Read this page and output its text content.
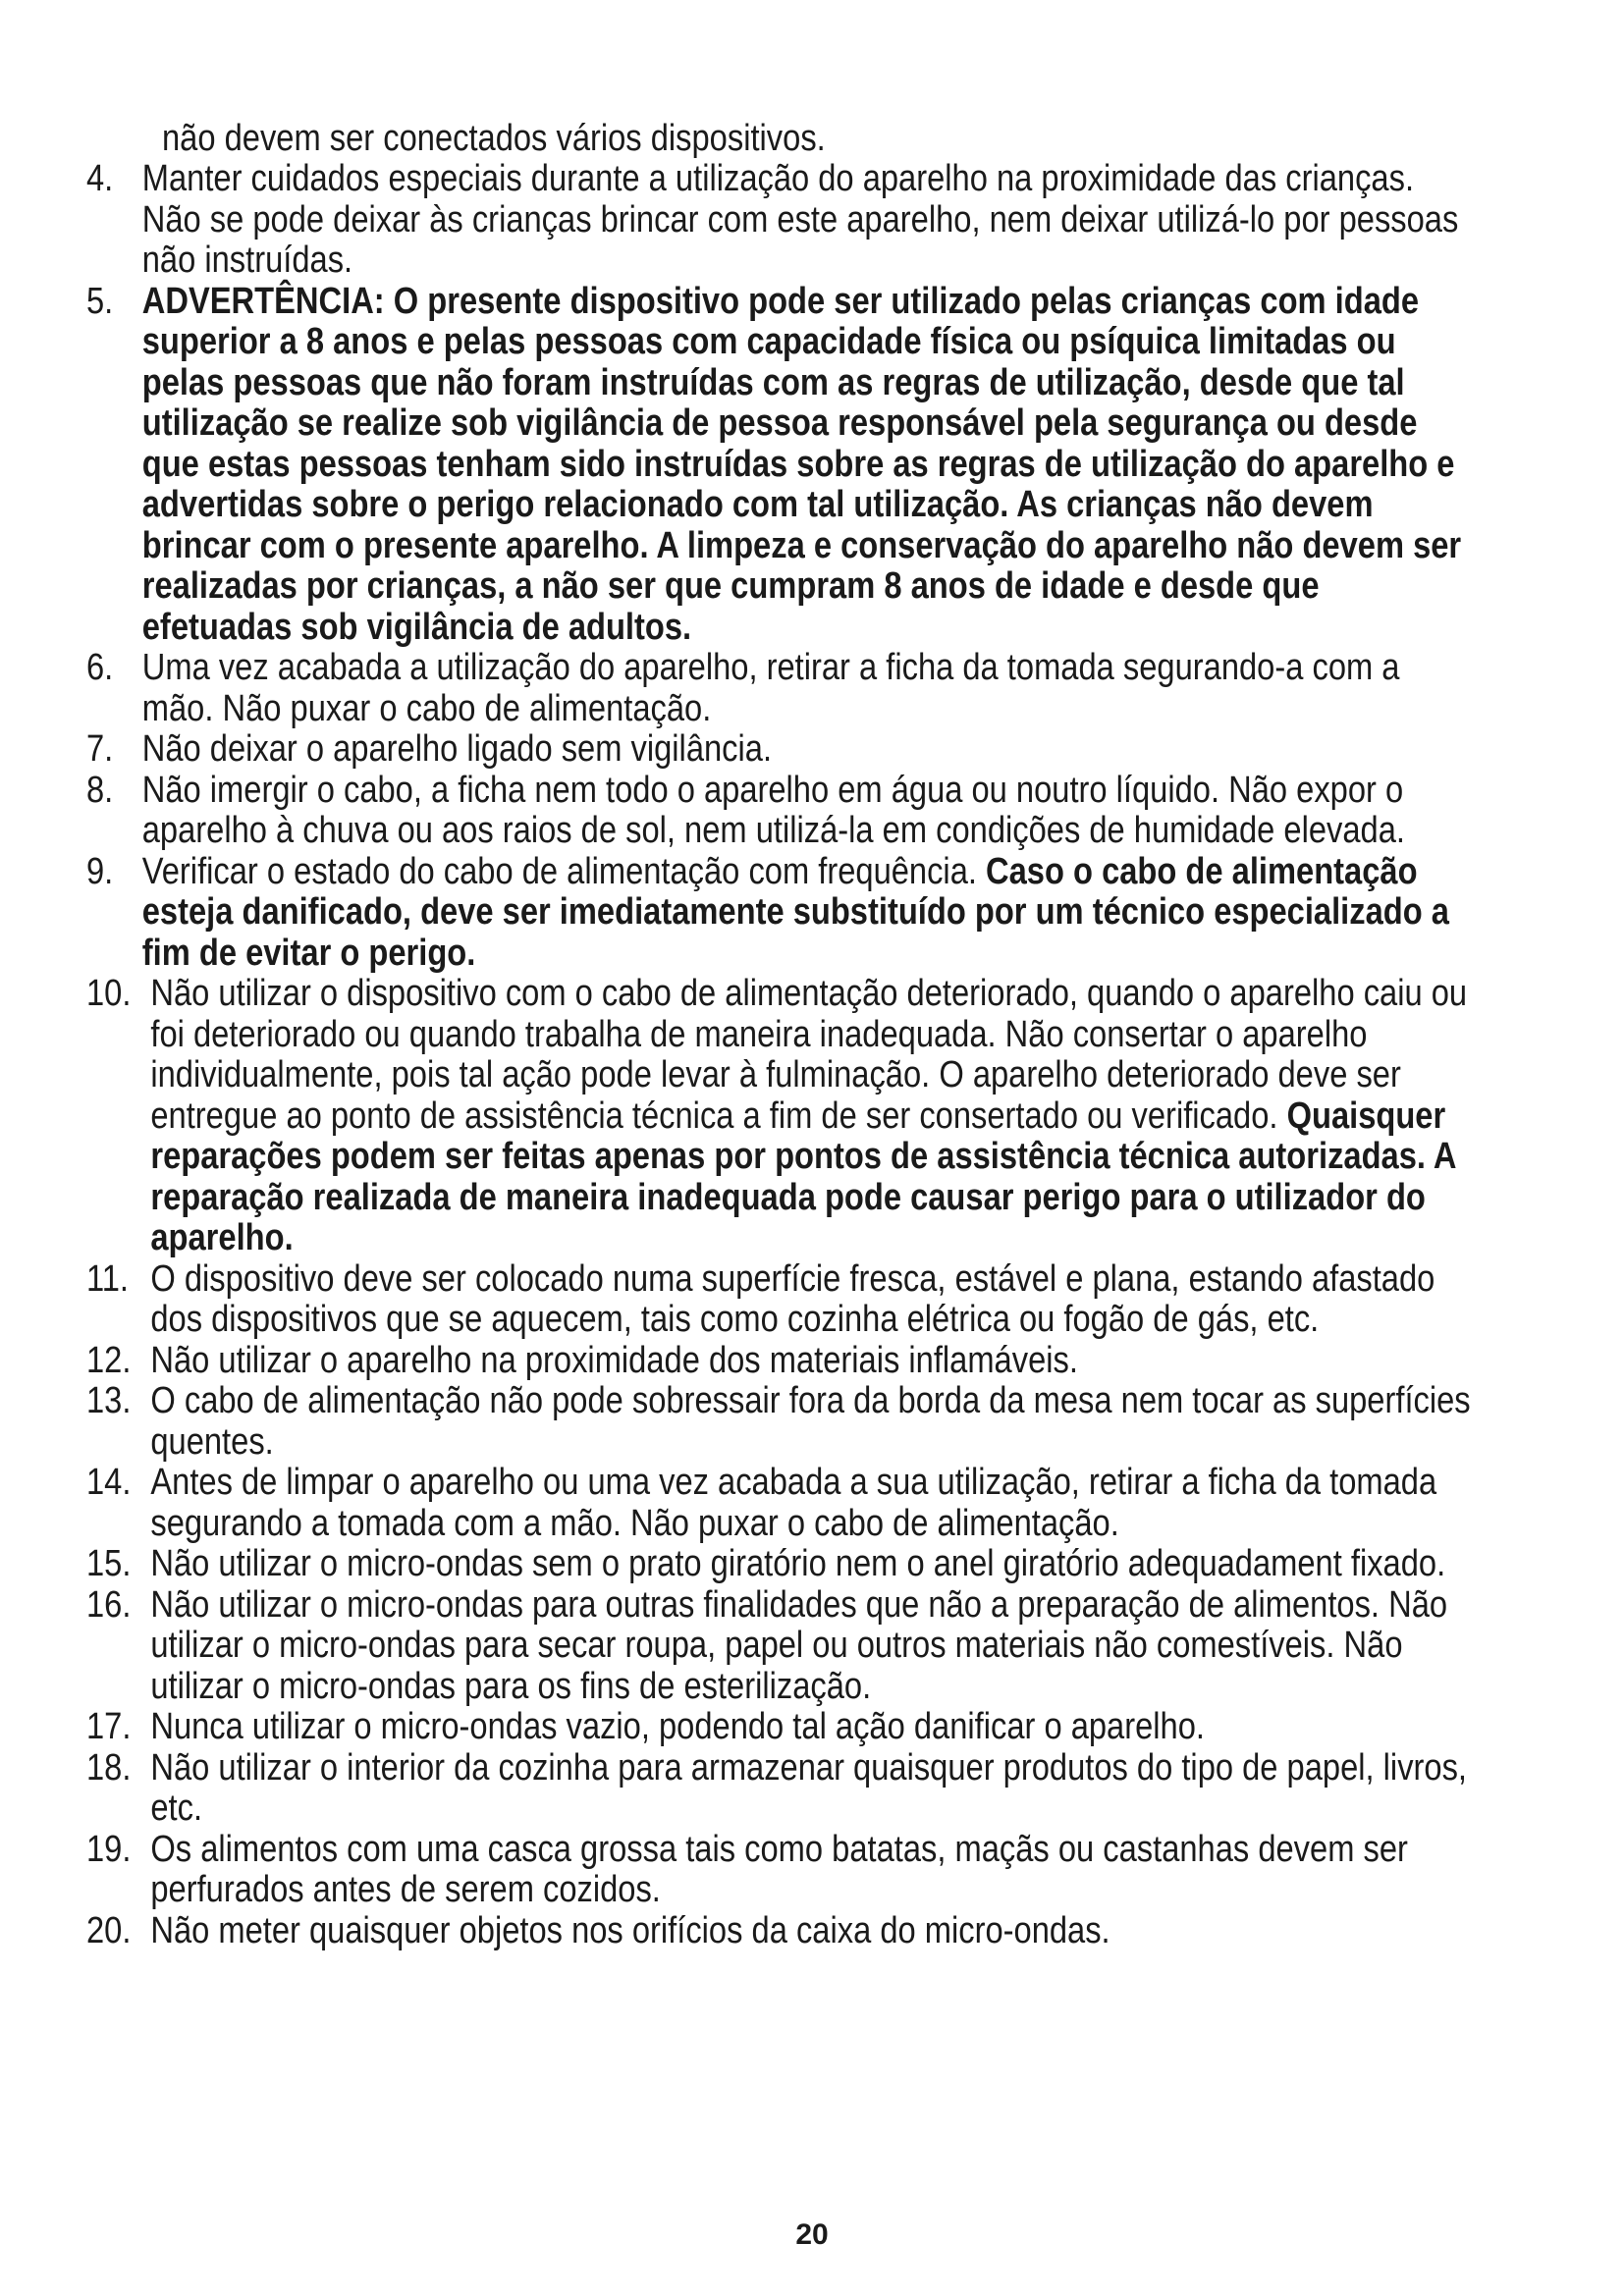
não devem ser conectados vários dispositivos.
4. Manter cuidados especiais durante a utilização do aparelho na proximidade das crianças. Não se pode deixar às crianças brincar com este aparelho, nem deixar utilizá-lo por pessoas não instruídas.
5. ADVERTÊNCIA: O presente dispositivo pode ser utilizado pelas crianças com idade superior a 8 anos e pelas pessoas com capacidade física ou psíquica limitadas ou pelas pessoas que não foram instruídas com as regras de utilização, desde que tal utilização se realize sob vigilância de pessoa responsável pela segurança ou desde que estas pessoas tenham sido instruídas sobre as regras de utilização do aparelho e advertidas sobre o perigo relacionado com tal utilização. As crianças não devem brincar com o presente aparelho. A limpeza e conservação do aparelho não devem ser realizadas por crianças, a não ser que cumpram 8 anos de idade e desde que efetuadas sob vigilância de adultos.
6. Uma vez acabada a utilização do aparelho, retirar a ficha da tomada segurando-a com a mão. Não puxar o cabo de alimentação.
7. Não deixar o aparelho ligado sem vigilância.
8. Não imergir o cabo, a ficha nem todo o aparelho em água ou noutro líquido. Não expor o aparelho à chuva ou aos raios de sol, nem utilizá-la em condições de humidade elevada.
9. Verificar o estado do cabo de alimentação com frequência. Caso o cabo de alimentação esteja danificado, deve ser imediatamente substituído por um técnico especializado a fim de evitar o perigo.
10. Não utilizar o dispositivo com o cabo de alimentação deteriorado, quando o aparelho caiu ou foi deteriorado ou quando trabalha de maneira inadequada. Não consertar o aparelho individualmente, pois tal ação pode levar à fulminação. O aparelho deteriorado deve ser entregue ao ponto de assistência técnica a fim de ser consertado ou verificado. Quaisquer reparações podem ser feitas apenas por pontos de assistência técnica autorizadas. A reparação realizada de maneira inadequada pode causar perigo para o utilizador do aparelho.
11. O dispositivo deve ser colocado numa superfície fresca, estável e plana, estando afastado dos dispositivos que se aquecem, tais como cozinha elétrica ou fogão de gás, etc.
12. Não utilizar o aparelho na proximidade dos materiais inflamáveis.
13. O cabo de alimentação não pode sobressair fora da borda da mesa nem tocar as superfícies quentes.
14. Antes de limpar o aparelho ou uma vez acabada a sua utilização, retirar a ficha da tomada segurando a tomada com a mão. Não puxar o cabo de alimentação.
15. Não utilizar o micro-ondas sem o prato giratório nem o anel giratório adequadament fixado.
16. Não utilizar o micro-ondas para outras finalidades que não a preparação de alimentos. Não utilizar o micro-ondas para secar roupa, papel ou outros materiais não comestíveis. Não utilizar o micro-ondas para os fins de esterilização.
17. Nunca utilizar o micro-ondas vazio, podendo tal ação danificar o aparelho.
18. Não utilizar o interior da cozinha para armazenar quaisquer produtos do tipo de papel, livros, etc.
19. Os alimentos com uma casca grossa tais como batatas, maçãs ou castanhas devem ser perfurados antes de serem cozidos.
20. Não meter quaisquer objetos nos orifícios da caixa do micro-ondas.
20
